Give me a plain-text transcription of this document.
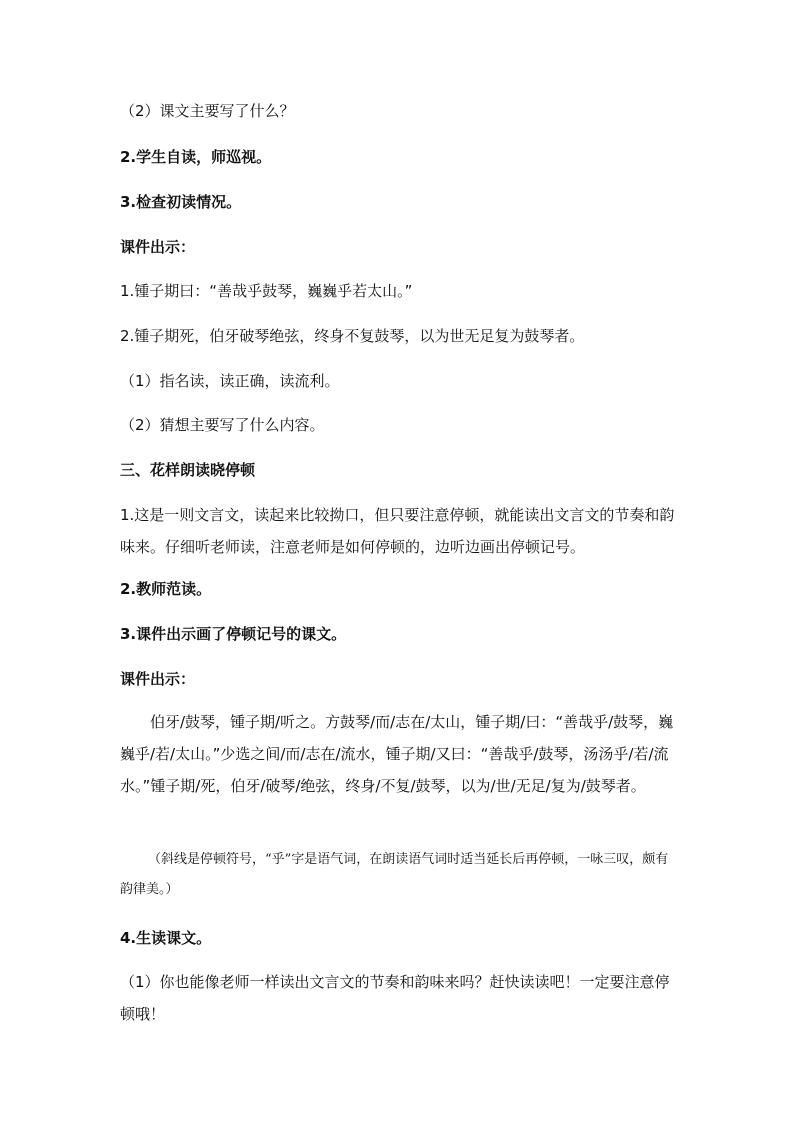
（2）课文主要写了什么？
2.学生自读，师巡视。
3.检查初读情况。
课件出示：
1.锺子期曰：“善哉乎鼓琴，巍巍乎若太山。”
2.锺子期死，伯牙破琴绝弦，终身不复鼓琴，以为世无足复为鼓琴者。
（1）指名读，读正确，读流利。
（2）猜想主要写了什么内容。
三、花样朗读晓停顿
1.这是一则文言文，读起来比较拗口，但只要注意停顿，就能读出文言文的节奏和韵味来。仔细听老师读，注意老师是如何停顿的，边听边画出停顿记号。
2.教师范读。
3.课件出示画了停顿记号的课文。
课件出示：
伯牙/鼓琴，锺子期/听之。方鼓琴/而/志在/太山，锺子期/曰：“善哉乎/鼓琴，巍巍乎/若/太山。”少选之间/而/志在/流水，锺子期/又曰：“善哉乎/鼓琴，汤汤乎/若/流水。”锺子期/死，伯牙/破琴/绝弦，终身/不复/鼓琴，以为/世/无足/复为/鼓琴者。
（斜线是停顿符号，“乎”字是语气词，在朗读语气词时适当延长后再停顿，一咏三叹，颇有韵律美。）
4.生读课文。
（1）你也能像老师一样读出文言文的节奏和韵味来吗？赶快读读吧！一定要注意停顿哦！
